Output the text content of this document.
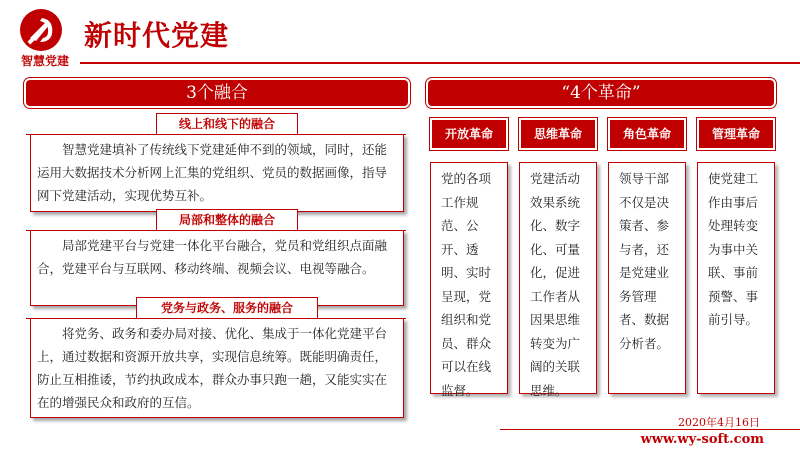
智慧党建
新时代党建
3个融合
线上和线下的融合
智慧党建填补了传统线下党建延伸不到的领域，同时，还能运用大数据技术分析网上汇集的党组织、党员的数据画像，指导网下党建活动，实现优势互补。
局部和整体的融合
局部党建平台与党建一体化平台融合，党员和党组织点面融合，党建平台与互联网、移动终端、视频会议、电视等融合。
党务与政务、服务的融合
将党务、政务和委办局对接、优化、集成于一体化党建平台上，通过数据和资源开放共享，实现信息统筹。既能明确责任，防止互相推诿，节约执政成本，群众办事只跑一趟，又能实实在在的增强民众和政府的互信。
“4个革命”
开放革命
党的各项工作规范、公开、透明、实时呈现，党组织和党员、群众可以在线监督。
思维革命
党建活动效果系统化、数字化、可量化，促进工作者从因果思维转变为广阔的关联思维。
角色革命
领导干部不仅是决策者、参与者，还是党建业务管理者、数据分析者。
管理革命
使党建工作由事后处理转变为事中关联、事前预警、事前引导。
2020年4月16日
www.wy-soft.com
